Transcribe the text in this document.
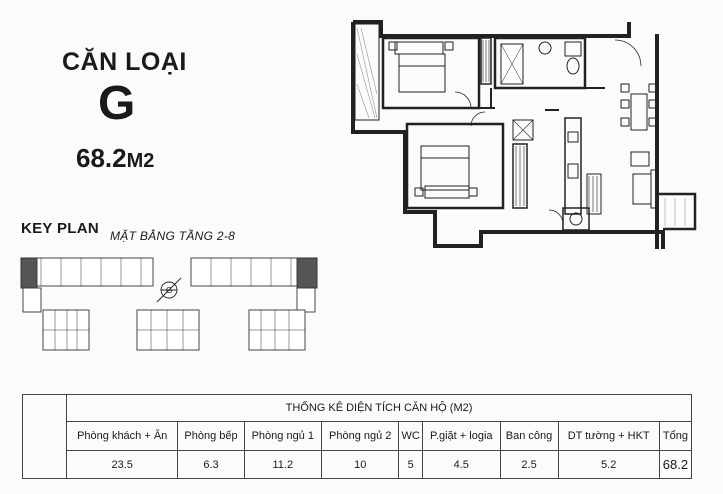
CĂN LOẠI
G
68.2M2
KEY PLAN MẶT BẰNG TẦNG 2-8
G
	THỐNG KÊ DIỆN TÍCH CĂN HỘ (M2)								
	Phòng khách + Ăn	Phòng bếp	Phòng ngủ 1	Phòng ngủ 2	WC	P.giặt + logia	Ban công	DT tường + HKT	Tổng
	23.5	6.3	11.2	10	5	4.5	2.5	5.2	68.2
